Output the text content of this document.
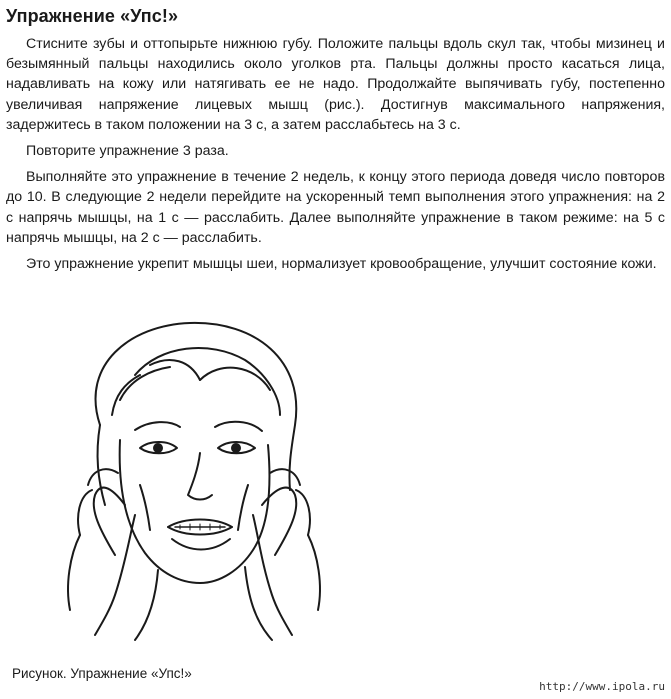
Упражнение «Упс!»

Стисните зубы и оттопырьте нижнюю губу. Положите пальцы вдоль скул так, чтобы мизинец и безымянный пальцы находились около уголков рта. Пальцы должны просто касаться лица, надавливать на кожу или натягивать ее не надо. Продолжайте выпячивать губу, постепенно увеличивая напряжение лицевых мышц (рис.). Достигнув максимального напряжения, задержитесь в таком положении на 3 с, а затем расслабьтесь на 3 с.

Повторите упражнение 3 раза.

Выполняйте это упражнение в течение 2 недель, к концу этого периода доведя число повторов до 10. В следующие 2 недели перейдите на ускоренный темп выполнения этого упражнения: на 2 с напрячь мышцы, на 1 с — расслабить. Далее выполняйте упражнение в таком режиме: на 5 с напрячь мышцы, на 2 с — расслабить.

Это упражнение укрепит мышцы шеи, нормализует кровообращение, улучшит состояние кожи.

Рисунок. Упражнение «Упс!»
http://www.ipola.ru
